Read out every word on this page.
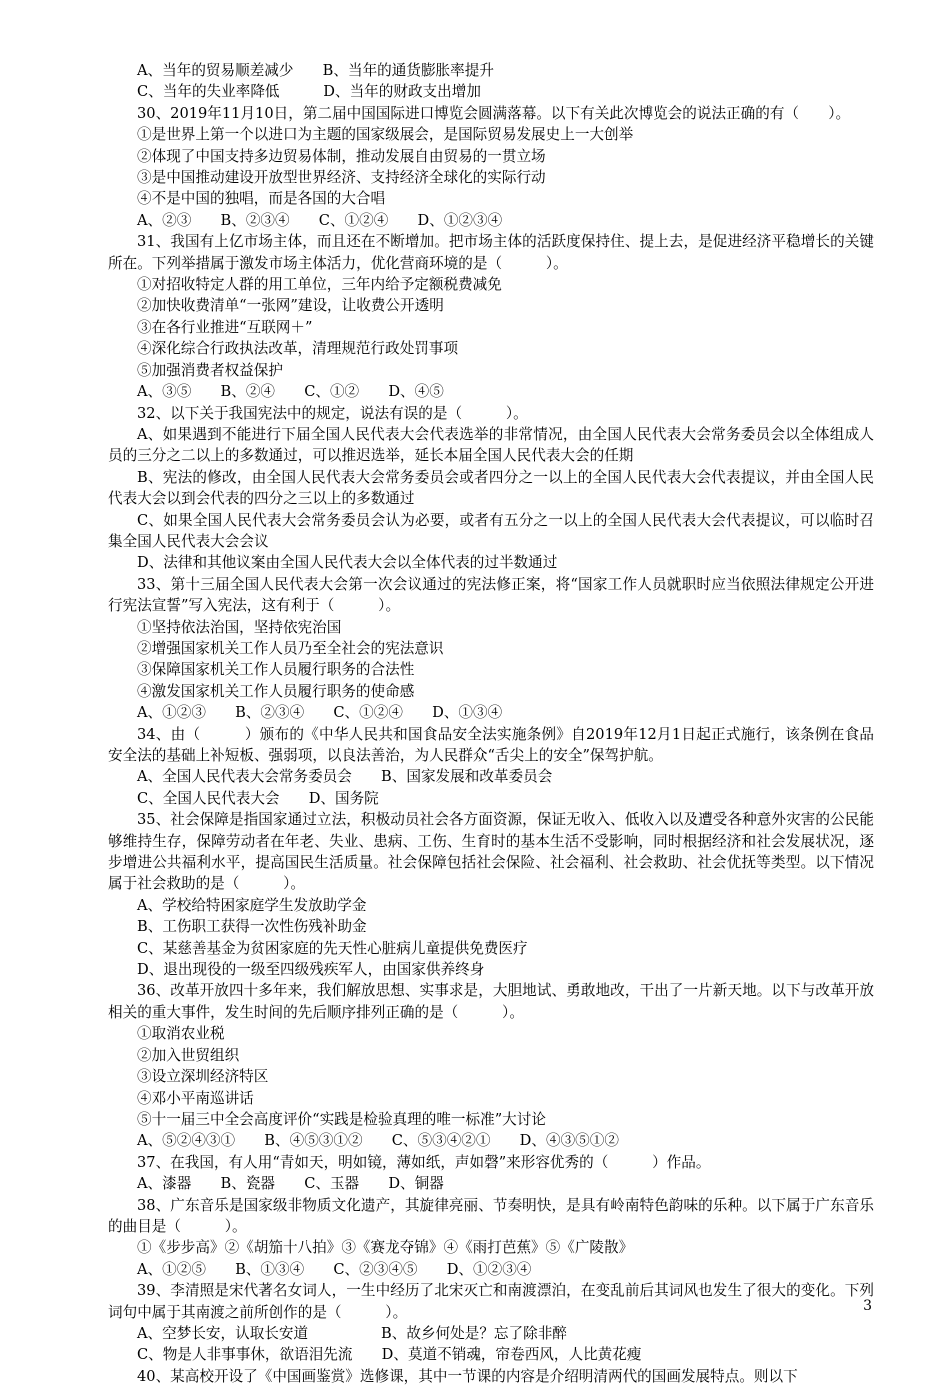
A、当年的贸易顺差减少　　B、当年的通货膨胀率提升
C、当年的失业率降低　　　D、当年的财政支出增加
30、2019年11月10日，第二届中国国际进口博览会圆满落幕。以下有关此次博览会的说法正确的有（　　）。
①是世界上第一个以进口为主题的国家级展会，是国际贸易发展史上一大创举
②体现了中国支持多边贸易体制，推动发展自由贸易的一贯立场
③是中国推动建设开放型世界经济、支持经济全球化的实际行动
④不是中国的独唱，而是各国的大合唱
A、②③　　B、②③④　　C、①②④　　D、①②③④
31、我国有上亿市场主体，而且还在不断增加。把市场主体的活跃度保持住、提上去，是促进经济平稳增长的关键所在。下列举措属于激发市场主体活力，优化营商环境的是（　　　）。
①对招收特定人群的用工单位，三年内给予定额税费减免
②加快收费清单“一张网”建设，让收费公开透明
③在各行业推进“互联网＋”
④深化综合行政执法改革，清理规范行政处罚事项
⑤加强消费者权益保护
A、③⑤　　B、②④　　C、①②　　D、④⑤
32、以下关于我国宪法中的规定，说法有误的是（　　　）。
A、如果遇到不能进行下届全国人民代表大会代表选举的非常情况，由全国人民代表大会常务委员会以全体组成人员的三分之二以上的多数通过，可以推迟选举，延长本届全国人民代表大会的任期
B、宪法的修改，由全国人民代表大会常务委员会或者四分之一以上的全国人民代表大会代表提议，并由全国人民代表大会以到会代表的四分之三以上的多数通过
C、如果全国人民代表大会常务委员会认为必要，或者有五分之一以上的全国人民代表大会代表提议，可以临时召集全国人民代表大会会议
D、法律和其他议案由全国人民代表大会以全体代表的过半数通过
33、第十三届全国人民代表大会第一次会议通过的宪法修正案，将“国家工作人员就职时应当依照法律规定公开进行宪法宣誓”写入宪法，这有利于（　　　）。
①坚持依法治国，坚持依宪治国
②增强国家机关工作人员乃至全社会的宪法意识
③保障国家机关工作人员履行职务的合法性
④激发国家机关工作人员履行职务的使命感
A、①②③　　B、②③④　　C、①②④　　D、①③④
34、由（　　　）颁布的《中华人民共和国食品安全法实施条例》自2019年12月1日起正式施行，该条例在食品安全法的基础上补短板、强弱项，以良法善治，为人民群众“舌尖上的安全”保驾护航。
A、全国人民代表大会常务委员会　　B、国家发展和改革委员会
C、全国人民代表大会　　D、国务院
35、社会保障是指国家通过立法，积极动员社会各方面资源，保证无收入、低收入以及遭受各种意外灾害的公民能够维持生存，保障劳动者在年老、失业、患病、工伤、生育时的基本生活不受影响，同时根据经济和社会发展状况，逐步增进公共福利水平，提高国民生活质量。社会保障包括社会保险、社会福利、社会救助、社会优抚等类型。以下情况属于社会救助的是（　　　）。
A、学校给特困家庭学生发放助学金
B、工伤职工获得一次性伤残补助金
C、某慈善基金为贫困家庭的先天性心脏病儿童提供免费医疗
D、退出现役的一级至四级残疾军人，由国家供养终身
36、改革开放四十多年来，我们解放思想、实事求是，大胆地试、勇敢地改，干出了一片新天地。以下与改革开放相关的重大事件，发生时间的先后顺序排列正确的是（　　　）。
①取消农业税
②加入世贸组织
③设立深圳经济特区
④邓小平南巡讲话
⑤十一届三中全会高度评价“实践是检验真理的唯一标准”大讨论
A、⑤②④③①　　B、④⑤③①②　　C、⑤③④②①　　D、④③⑤①②
37、在我国，有人用“青如天，明如镜，薄如纸，声如磬”来形容优秀的（　　　）作品。
A、漆器　　B、瓷器　　C、玉器　　D、铜器
38、广东音乐是国家级非物质文化遗产，其旋律亮丽、节奏明快，是具有岭南特色韵味的乐种。以下属于广东音乐的曲目是（　　　）。
①《步步高》②《胡笳十八拍》③《赛龙夺锦》④《雨打芭蕉》⑤《广陵散》
A、①②⑤　　B、①③④　　C、②③④⑤　　D、①②③④
39、李清照是宋代著名女词人，一生中经历了北宋灭亡和南渡漂泊，在变乱前后其词风也发生了很大的变化。下列词句中属于其南渡之前所创作的是（　　　）。
A、空梦长安，认取长安道　　　　　B、故乡何处是？忘了除非醉
C、物是人非事事休，欲语泪先流　　D、莫道不销魂，帘卷西风，人比黄花瘦
40、某高校开设了《中国画鉴赏》选修课，其中一节课的内容是介绍明清两代的国画发展特点。则以下
3
